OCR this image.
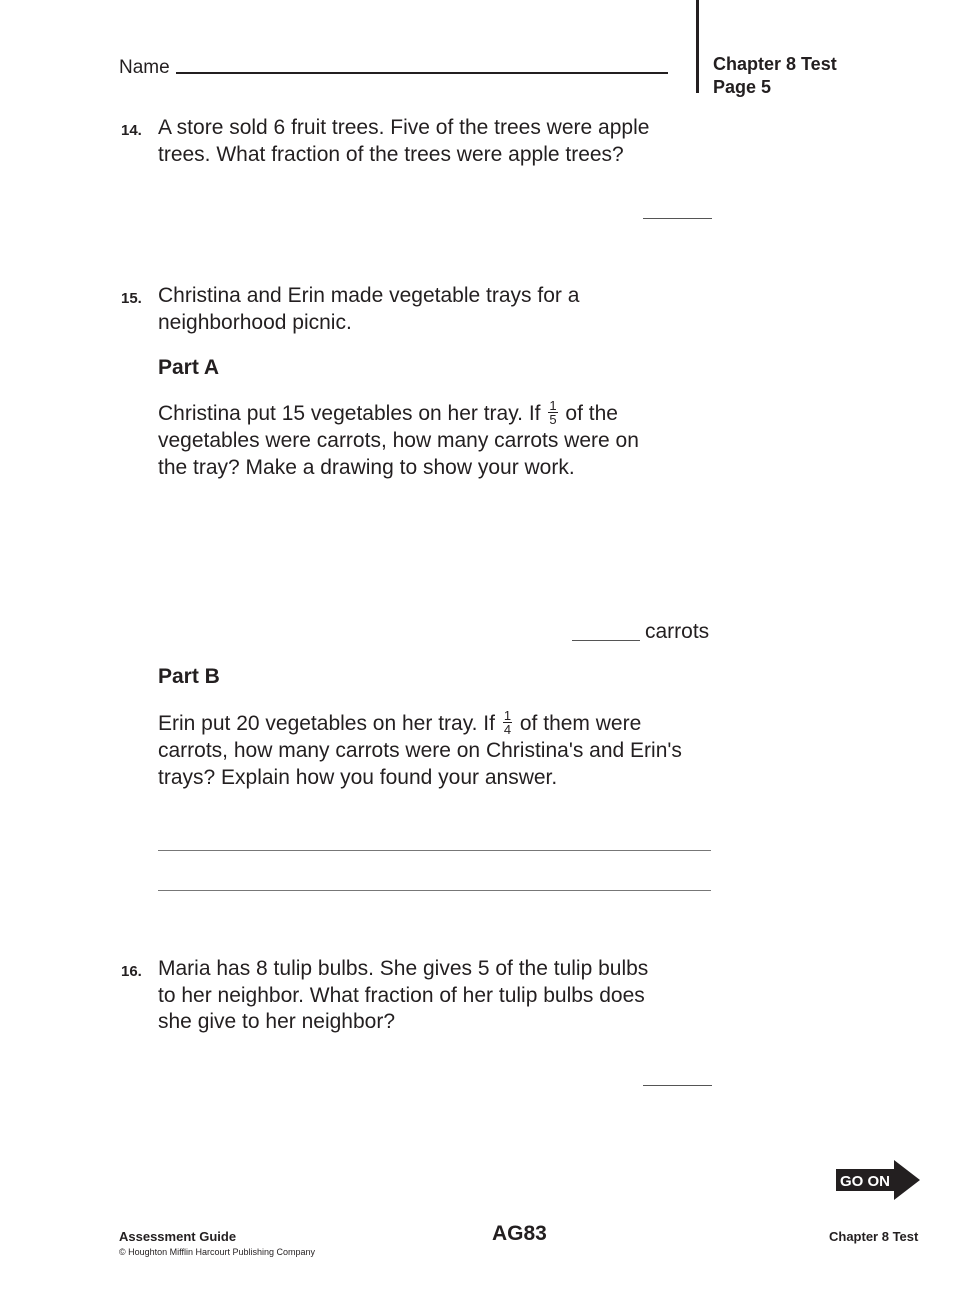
Name	Chapter 8 Test
Page 5
14. A store sold 6 fruit trees. Five of the trees were apple
trees. What fraction of the trees were apple trees?
15. Christina and Erin made vegetable trays for a
neighborhood picnic.
Part A
Christina put 15 vegetables on her tray. If $\frac{1}{5}$ of the
vegetables were carrots, how many carrots were on
the tray? Make a drawing to show your work.
carrots
Part B
Erin put 20 vegetables on her tray. If $\frac{1}{4}$ of them were
carrots, how many carrots were on Christina's and Erin's
trays? Explain how you found your answer.
16. Maria has 8 tulip bulbs. She gives 5 of the tulip bulbs
to her neighbor. What fraction of her tulip bulbs does
she give to her neighbor?
GO ON
Assessment Guide
© Houghton Mifflin Harcourt Publishing Company
AG83	Chapter 8 Test
